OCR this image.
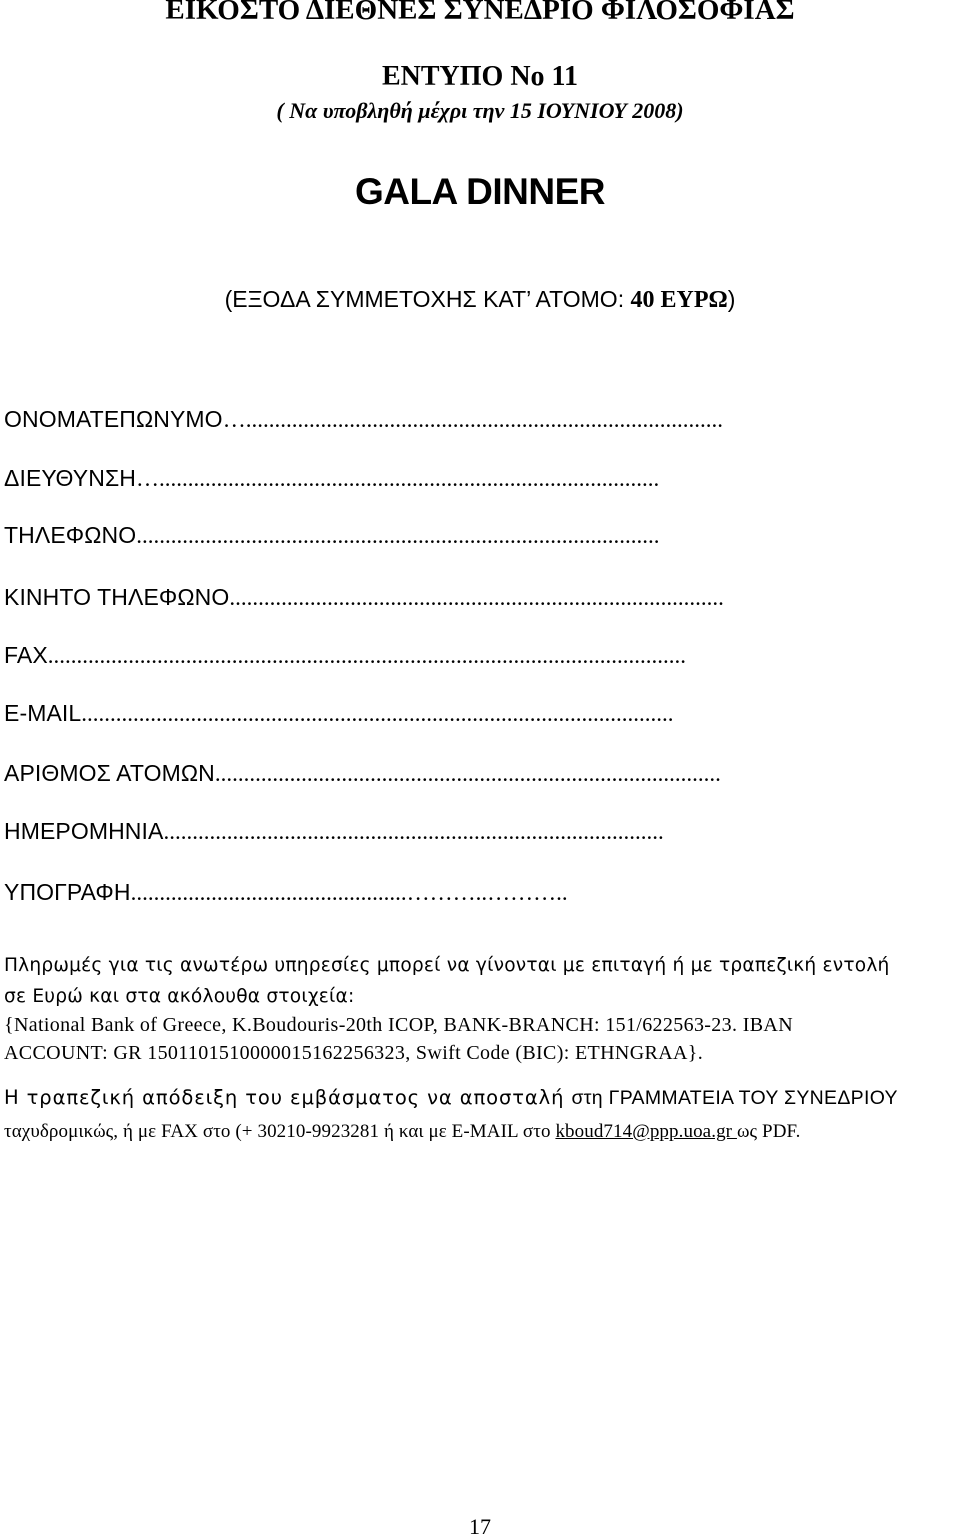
ΕΙΚΟΣΤΟ ΔΙΕΘΝΕΣ ΣΥΝΕΔΡΙΟ ΦΙΛΟΣΟΦΙΑΣ
ΕΝΤΥΠΟ Νο 11
( Να υποβληθή μέχρι την 15 ΙΟΥΝΙΟΥ 2008)
GALA DINNER
(ΕΞΟΔΑ ΣΥΜΜΕΤΟΧΗΣ ΚΑΤ’ ΑΤΟΜΟ: 40 ΕΥΡΩ)
ΟΝΟΜΑΤΕΠΩΝΥΜΟ…...................................................................................
ΔΙΕΥΘΥΝΣΗ….......................................................................................
ΤΗΛΕΦΩΝΟ...........................................................................................
ΚΙΝΗΤΟ ΤΗΛΕΦΩΝΟ......................................................................................
FAX...............................................................................................................
E-MAIL.......................................................................................................
ΑΡΙΘΜΟΣ ΑΤΟΜΩΝ........................................................................................
ΗΜΕΡΟΜΗΝΙΑ.......................................................................................
ΥΠΟΓΡΑΦΗ................................................………..………..
Πληρωμές για τις ανωτέρω υπηρεσίες μπορεί να γίνονται με επιταγή ή με τραπεζική εντολή
σε Ευρώ και στα ακόλουθα στοιχεία:
{National Bank of Greece, K.Boudouris-20th ICOP, BANK-BRANCH: 151/622563-23. IBAN
ACCOUNT: GR 1501101510000015162256323, Swift Code (BIC): ETHNGRAA}.
Η τραπεζική απόδειξη του εμβάσματος να αποσταλή στη ΓΡΑΜΜΑΤΕΙΑ ΤΟΥ ΣΥΝΕΔΡΙΟΥ
ταχυδρομικώς, ή με FAX στο (+ 30210-9923281 ή και με E-MAIL στο kboud714@ppp.uoa.gr ως PDF.
17
